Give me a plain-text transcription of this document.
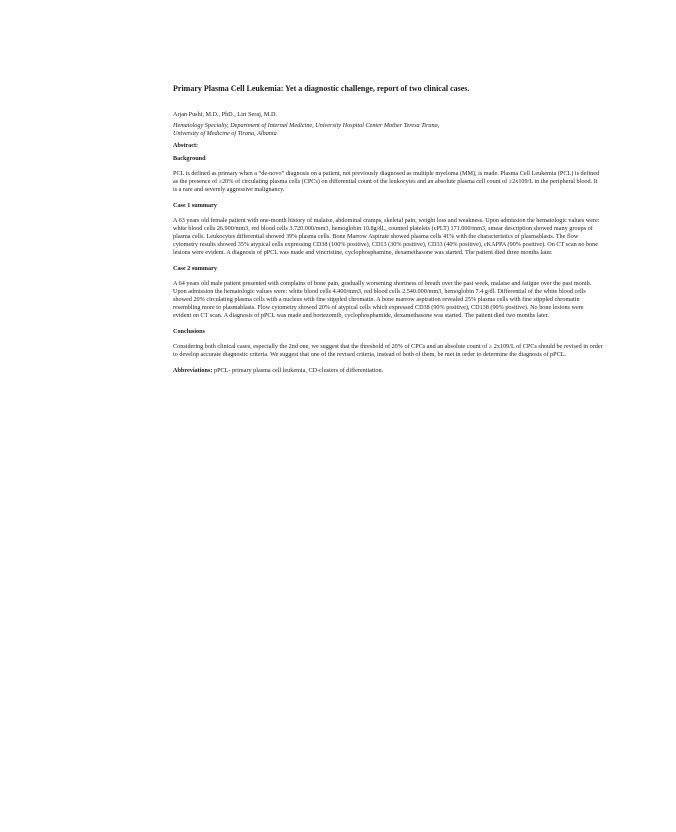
Primary Plasma Cell Leukemia: Yet a diagnostic challenge, report of two clinical cases.
Arjan Pushi, M.D., PhD., Liri Seraj, M.D.
Hematology Specialty, Department of Internal Medicine, University Hospital Center Mother Teresa Tirana,
University of Medicine of Tirana, Albania
Abstract:
Background

PCL is defined as primary when a “de-novo” diagnosis on a patient, not previously diagnosed as multiple myeloma (MM), is made. Plasma Cell Leukemia (PCL) is defined as the presence of ≥20% of circulating plasma cells (CPCs) on differential count of the leukocytes and an absolute plasma cell count of ≥2x109/L in the peripheral blood. It is a rare and severely aggressive malignancy.

Case 1 summary

A 63 years old female patient with one-month history of malaise, abdominal cramps, skeletal pain, weight loss and weakness. Upon admission the hematologic values were: white blood cells 26.900/mm3, red blood cells 3.720.000/mm3, hemoglobin 10.8g/dL, counted platelets (cPLT) 171.000/mm3, smear description showed many groups of plasma cells. Leukocytes differential showed 39% plasma cells. Bone Marrow Aspirate showed plasma cells 41% with the characteristics of plasmablasts. The flow cytometry results showed 35% atypical cells expressing CD38 (100% positive), CD13 (30% positive), CD33 (40% positive), cKAPPA (90% positive). On CT scan no bone lesions were evident. A diagnosis of pPCL was made and vincristine, cyclophosphamine, dexamethasone was started. The patient died three months later.

Case 2 summary

A 64 years old male patient presented with complains of bone pain, gradually worsening shortness of breath over the past week, malaise and fatigue over the past month. Upon admission the hematologic values were: white blood cells 4.400/mm3, red blood cells 2.540.000/mm3, hemoglobin 7.4 g/dl. Differential of the white blood cells showed 20% circulating plasma cells with a nucleus with fine stippled chromatin. A bone marrow aspiration revealed 25% plasma cells with fine stippled chromatin resembling more to plasmablasts. Flow cytometry showed 20% of atypical cells which expressed CD38 (90% positive), CD138 (90% positive). No bone lesions were evident on CT scan. A diagnosis of pPCL was made and bortezomib, cyclophosphamide, dexamethasone was started. The patient died two months later.

Conclusions

Considering both clinical cases, especially the 2nd one, we suggest that the threshold of 20% of CPCs and an absolute count of ≥ 2x109/L of CPCs should be revised in order to develop accurate diagnostic criteria. We suggest that one of the revised criteria, instead of both of them, be met in order to determine the diagnosis of pPCL.

Abbreviations: pPCL- primary plasma cell leukemia, CD-clusters of differentiation.
